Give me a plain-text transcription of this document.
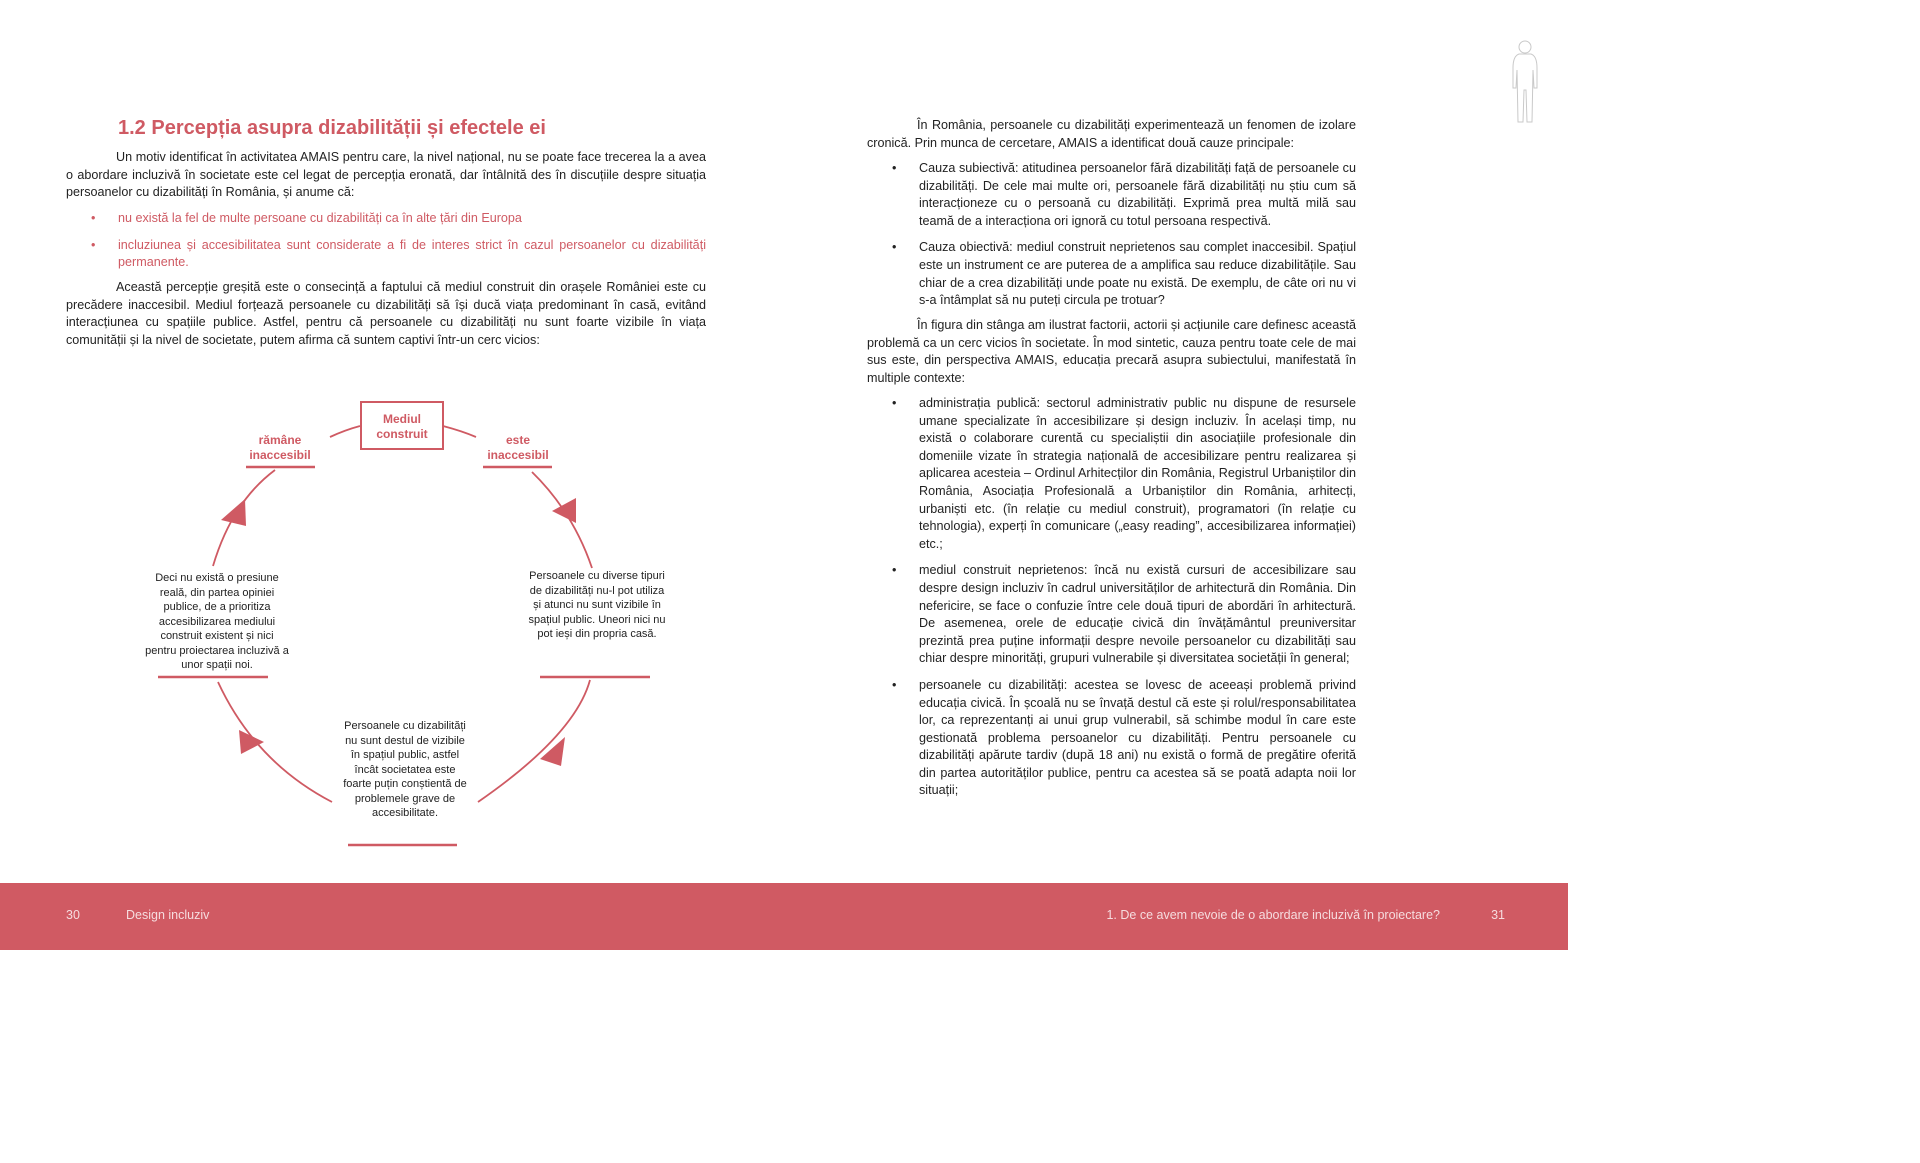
1.2 Percepția asupra dizabilității și efectele ei

Un motiv identificat în activitatea AMAIS pentru care, la nivel național, nu se poate face trecerea la a avea o abordare incluzivă în societate este cel legat de percepția eronată, dar întâlnită des în discuțiile despre situația persoanelor cu dizabilități în România, și anume că:

• nu există la fel de multe persoane cu dizabilități ca în alte țări din Europa
• incluziunea și accesibilitatea sunt considerate a fi de interes strict în cazul persoanelor cu dizabilități permanente.

Această percepție greșită este o consecință a faptului că mediul construit din orașele României este cu precădere inaccesibil. Mediul forțează persoanele cu dizabilități să își ducă viața predominant în casă, evitând interacțiunea cu spațiile publice. Astfel, pentru că persoanele cu dizabilități nu sunt foarte vizibile în viața comunității și la nivel de societate, putem afirma că suntem captivi într-un cerc vicios:

Mediul construit
rămâne inaccesibil
este inaccesibil
Persoanele cu diverse tipuri de dizabilități nu-l pot utiliza și atunci nu sunt vizibile în spațiul public. Uneori nici nu pot ieși din propria casă.
Persoanele cu dizabilități nu sunt destul de vizibile în spațiul public, astfel încât societatea este foarte puțin conștientă de problemele grave de accesibilitate.
Deci nu există o presiune reală, din partea opiniei publice, de a prioritiza accesibilizarea mediului construit existent și nici pentru proiectarea incluzivă a unor spații noi.

În România, persoanele cu dizabilități experimentează un fenomen de izolare cronică. Prin munca de cercetare, AMAIS a identificat două cauze principale:

• Cauza subiectivă: atitudinea persoanelor fără dizabilități față de persoanele cu dizabilități. De cele mai multe ori, persoanele fără dizabilități nu știu cum să interacționeze cu o persoană cu dizabilități. Exprimă prea multă milă sau teamă de a interacționa ori ignoră cu totul persoana respectivă.
• Cauza obiectivă: mediul construit neprietenos sau complet inaccesibil. Spațiul este un instrument ce are puterea de a amplifica sau reduce dizabilitățile. Sau chiar de a crea dizabilități unde poate nu există. De exemplu, de câte ori nu vi s-a întâmplat să nu puteți circula pe trotuar?

În figura din stânga am ilustrat factorii, actorii și acțiunile care definesc această problemă ca un cerc vicios în societate. În mod sintetic, cauza pentru toate cele de mai sus este, din perspectiva AMAIS, educația precară asupra subiectului, manifestată în multiple contexte:

• administrația publică: sectorul administrativ public nu dispune de resursele umane specializate în accesibilizare și design incluziv. În același timp, nu există o colaborare curentă cu specialiștii din asociațiile profesionale din domeniile vizate în strategia națională de accesibilizare pentru realizarea și aplicarea acesteia – Ordinul Arhitecților din România, Registrul Urbaniștilor din România, Asociația Profesională a Urbaniștilor din România, arhitecți, urbaniști etc. (în relație cu mediul construit), programatori (în relație cu tehnologia), experți în comunicare („easy reading”, accesibilizarea informației) etc.;
• mediul construit neprietenos: încă nu există cursuri de accesibilizare sau despre design incluziv în cadrul universităților de arhitectură din România. Din nefericire, se face o confuzie între cele două tipuri de abordări în arhitectură. De asemenea, orele de educație civică din învățământul preuniversitar prezintă prea puține informații despre nevoile persoanelor cu dizabilități sau chiar despre minorități, grupuri vulnerabile și diversitatea societății în general;
• persoanele cu dizabilități: acestea se lovesc de aceeași problemă privind educația civică. În școală nu se învață destul că este și rolul/responsabilitatea lor, ca reprezentanți ai unui grup vulnerabil, să schimbe modul în care este gestionată problema persoanelor cu dizabilități. Pentru persoanele cu dizabilități apărute tardiv (după 18 ani) nu există o formă de pregătire oferită din partea autorităților publice, pentru ca acestea să se poată adapta noii lor situații;
30	Design incluziv	1. De ce avem nevoie de o abordare incluzivă în proiectare?	31
